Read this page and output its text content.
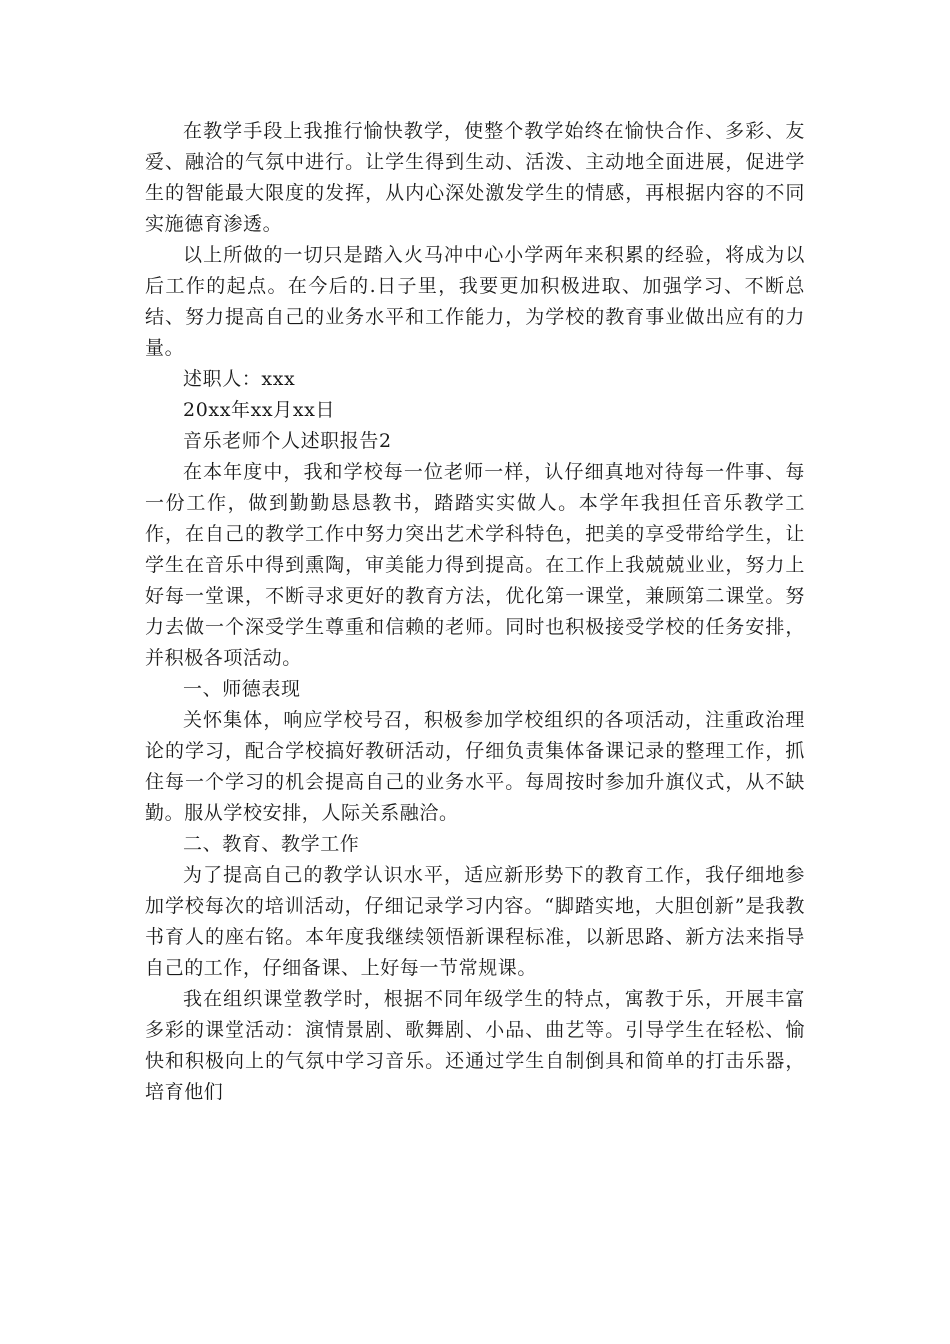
在教学手段上我推行愉快教学，使整个教学始终在愉快合作、多彩、友爱、融洽的气氛中进行。让学生得到生动、活泼、主动地全面进展，促进学生的智能最大限度的发挥，从内心深处激发学生的情感，再根据内容的不同实施德育渗透。

以上所做的一切只是踏入火马冲中心小学两年来积累的经验，将成为以后工作的起点。在今后的.日子里，我要更加积极进取、加强学习、不断总结、努力提高自己的业务水平和工作能力，为学校的教育事业做出应有的力量。

述职人：xxx

20xx年xx月xx日

音乐老师个人述职报告2

在本年度中，我和学校每一位老师一样，认仔细真地对待每一件事、每一份工作，做到勤勤恳恳教书，踏踏实实做人。本学年我担任音乐教学工作，在自己的教学工作中努力突出艺术学科特色，把美的享受带给学生，让学生在音乐中得到熏陶，审美能力得到提高。在工作上我兢兢业业，努力上好每一堂课，不断寻求更好的教育方法，优化第一课堂，兼顾第二课堂。努力去做一个深受学生尊重和信赖的老师。同时也积极接受学校的任务安排，并积极各项活动。

一、师德表现

关怀集体，响应学校号召，积极参加学校组织的各项活动，注重政治理论的学习，配合学校搞好教研活动，仔细负责集体备课记录的整理工作，抓住每一个学习的机会提高自己的业务水平。每周按时参加升旗仪式，从不缺勤。服从学校安排，人际关系融洽。

二、教育、教学工作

为了提高自己的教学认识水平，适应新形势下的教育工作，我仔细地参加学校每次的培训活动，仔细记录学习内容。“脚踏实地，大胆创新”是我教书育人的座右铭。本年度我继续领悟新课程标准，以新思路、新方法来指导自己的工作，仔细备课、上好每一节常规课。

我在组织课堂教学时，根据不同年级学生的特点，寓教于乐，开展丰富多彩的课堂活动：演情景剧、歌舞剧、小品、曲艺等。引导学生在轻松、愉快和积极向上的气氛中学习音乐。还通过学生自制倒具和简单的打击乐器，培育他们
